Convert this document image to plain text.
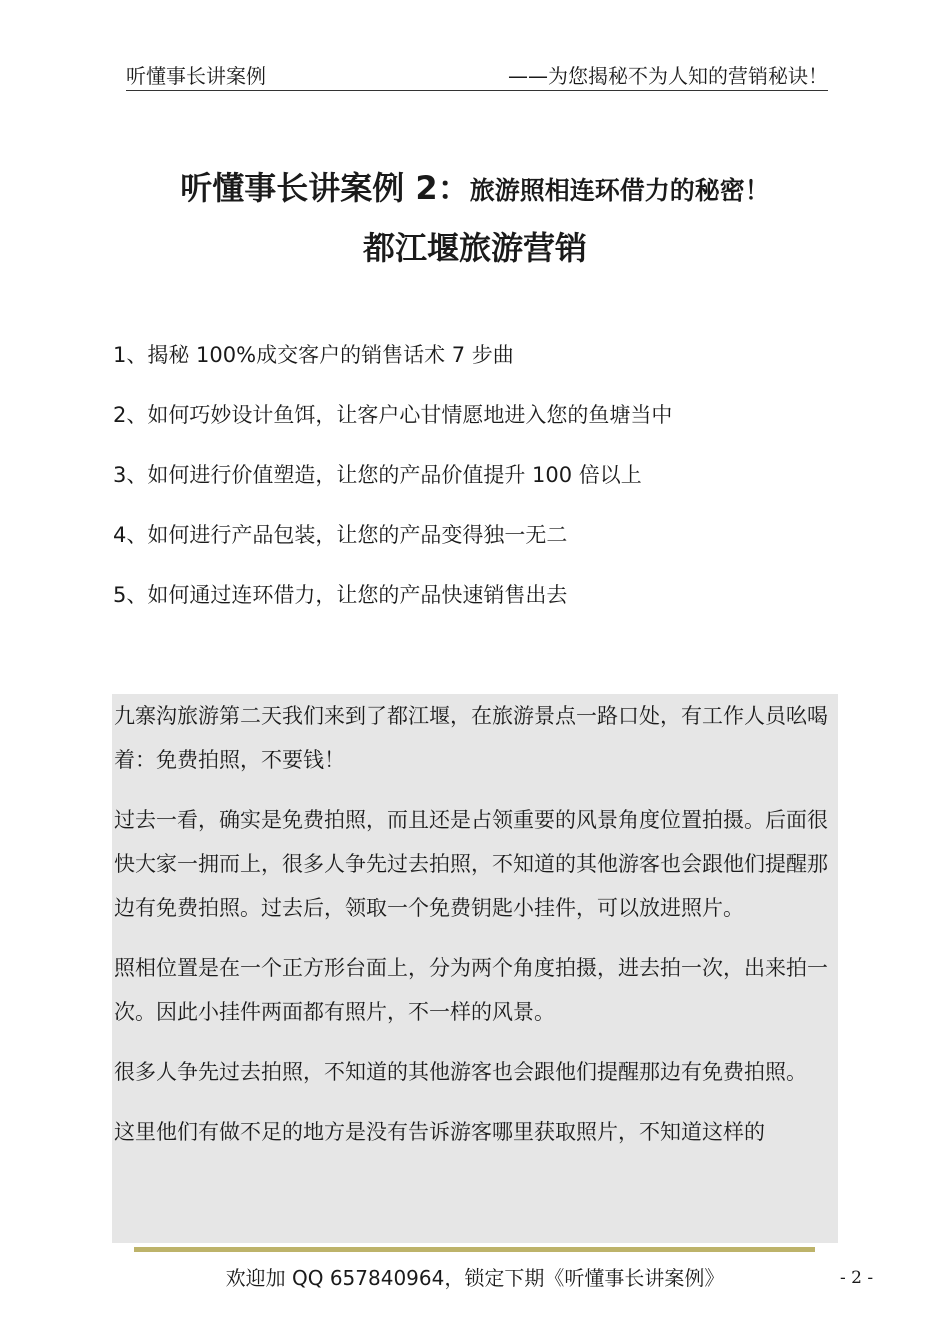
听懂事长讲案例	——为您揭秘不为人知的营销秘诀！
听懂事长讲案例 2：旅游照相连环借力的秘密！
都江堰旅游营销
1、揭秘 100%成交客户的销售话术 7 步曲
2、如何巧妙设计鱼饵，让客户心甘情愿地进入您的鱼塘当中
3、如何进行价值塑造，让您的产品价值提升 100 倍以上
4、如何进行产品包装，让您的产品变得独一无二
5、如何通过连环借力，让您的产品快速销售出去

九寨沟旅游第二天我们来到了都江堰，在旅游景点一路口处，有工作人员吆喝着：免费拍照，不要钱！

过去一看，确实是免费拍照，而且还是占领重要的风景角度位置拍摄。后面很快大家一拥而上，很多人争先过去拍照，不知道的其他游客也会跟他们提醒那边有免费拍照。过去后，领取一个免费钥匙小挂件，可以放进照片。

照相位置是在一个正方形台面上，分为两个角度拍摄，进去拍一次，出来拍一次。因此小挂件两面都有照片，不一样的风景。

很多人争先过去拍照，不知道的其他游客也会跟他们提醒那边有免费拍照。

这里他们有做不足的地方是没有告诉游客哪里获取照片，不知道这样的

欢迎加 QQ 657840964，锁定下期《听懂事长讲案例》	- 2 -
